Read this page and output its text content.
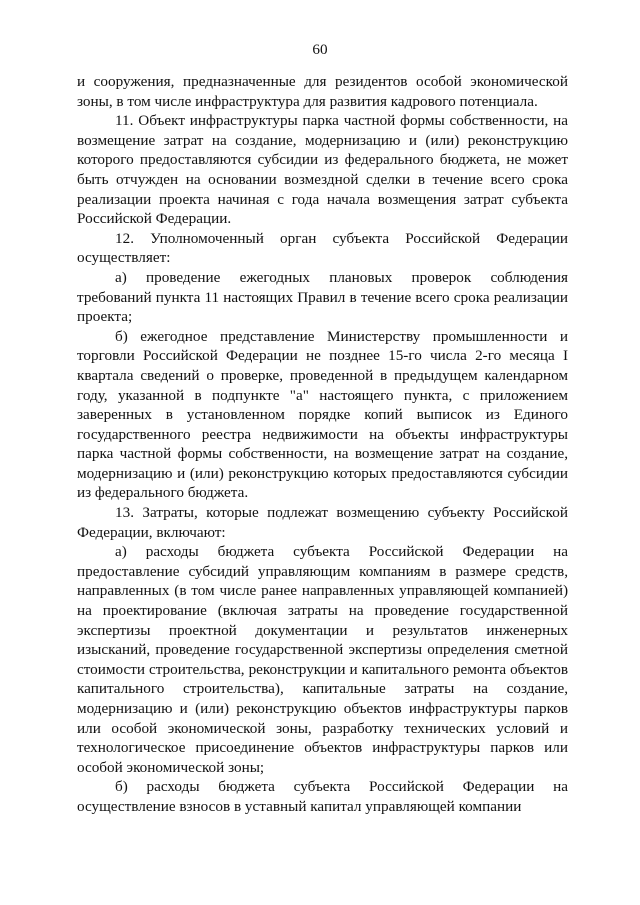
60

и сооружения, предназначенные для резидентов особой экономической зоны, в том числе инфраструктура для развития кадрового потенциала.

11. Объект инфраструктуры парка частной формы собственности, на возмещение затрат на создание, модернизацию и (или) реконструкцию которого предоставляются субсидии из федерального бюджета, не может быть отчужден на основании возмездной сделки в течение всего срока реализации проекта начиная с года начала возмещения затрат субъекта Российской Федерации.

12. Уполномоченный орган субъекта Российской Федерации осуществляет:

а) проведение ежегодных плановых проверок соблюдения требований пункта 11 настоящих Правил в течение всего срока реализации проекта;

б) ежегодное представление Министерству промышленности и торговли Российской Федерации не позднее 15-го числа 2-го месяца I квартала сведений о проверке, проведенной в предыдущем календарном году, указанной в подпункте "а" настоящего пункта, с приложением заверенных в установленном порядке копий выписок из Единого государственного реестра недвижимости на объекты инфраструктуры парка частной формы собственности, на возмещение затрат на создание, модернизацию и (или) реконструкцию которых предоставляются субсидии из федерального бюджета.

13. Затраты, которые подлежат возмещению субъекту Российской Федерации, включают:

а) расходы бюджета субъекта Российской Федерации на предоставление субсидий управляющим компаниям в размере средств, направленных (в том числе ранее направленных управляющей компанией) на проектирование (включая затраты на проведение государственной экспертизы проектной документации и результатов инженерных изысканий, проведение государственной экспертизы определения сметной стоимости строительства, реконструкции и капитального ремонта объектов капитального строительства), капитальные затраты на создание, модернизацию и (или) реконструкцию объектов инфраструктуры парков или особой экономической зоны, разработку технических условий и технологическое присоединение объектов инфраструктуры парков или особой экономической зоны;

б) расходы бюджета субъекта Российской Федерации на осуществление взносов в уставный капитал управляющей компании
